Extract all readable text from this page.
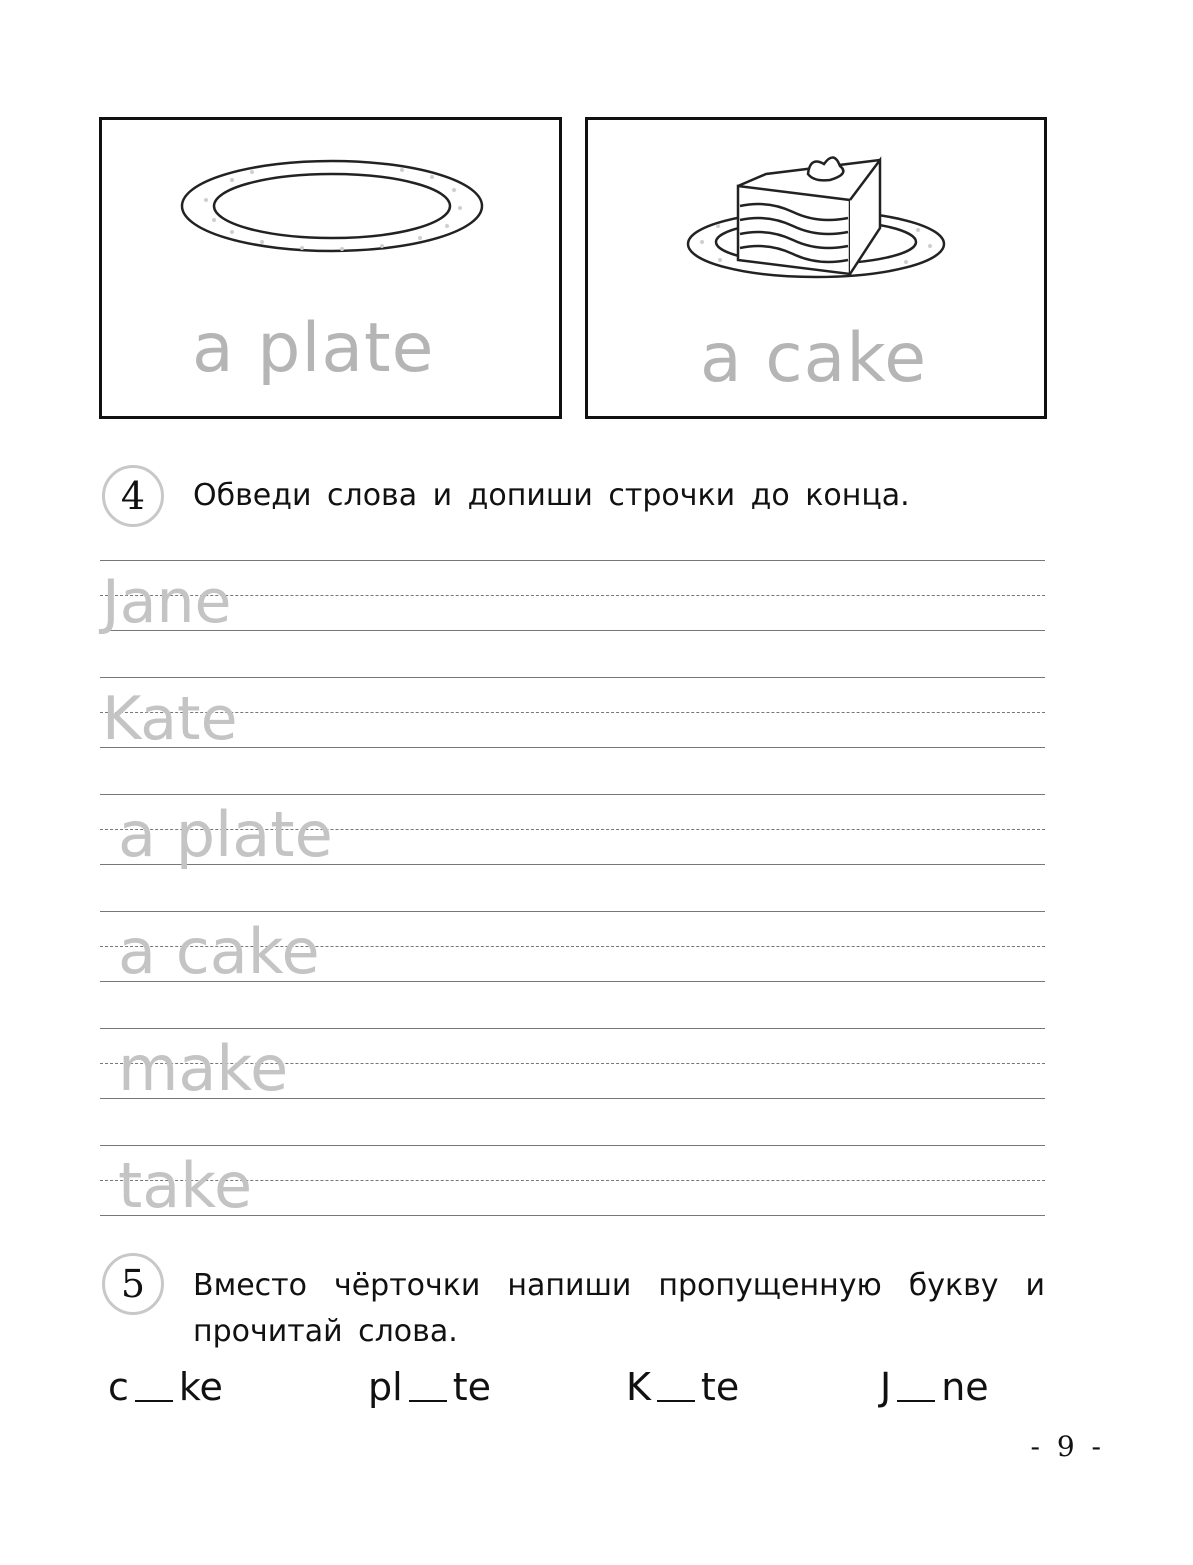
a plate	a cake
4	Обведи слова и допиши строчки до конца.
Jane
Kate
a plate
a cake
make
take
5	Вместо чёрточки напиши пропущенную букву и прочитай слова.
c ke	pl te	K te	J ne
- 9 -
